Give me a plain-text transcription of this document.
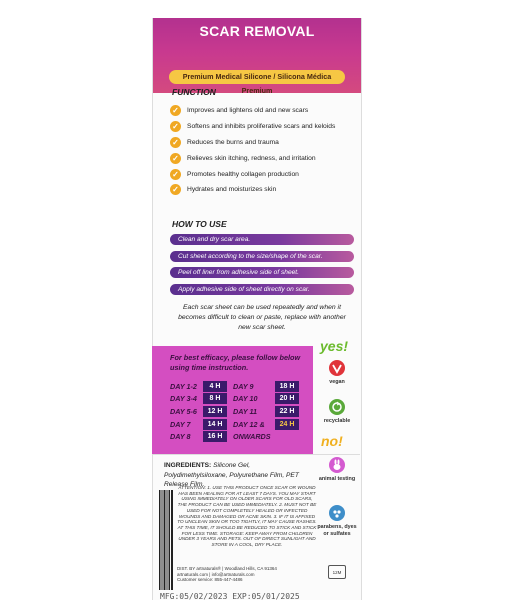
SCAR REMOVAL
Premium Medical Silicone / Silicona Médica Premium
FUNCTION
✓	Improves and lightens old and new scars
✓	Softens and inhibits proliferative scars and keloids
✓	Reduces the burns and trauma
✓	Relieves skin itching, redness, and irritation
✓	Promotes healthy collagen production
✓	Hydrates and moisturizes skin
HOW TO USE
Clean and dry scar area.
Cut sheet according to the size/shape of the scar.
Peel off liner from adhesive side of sheet.
Apply adhesive side of sheet directly on scar.
Each scar sheet can be used repeatedly and when it becomes difficult to clean or paste, replace with another new scar sheet.
For best efficacy, please follow below using time instruction.
DAY 1-2	4 H	DAY 9	18 H
DAY 3-4	8 H	DAY 10	20 H
DAY 5-6	12 H	DAY 11	22 H
DAY 7	14 H	DAY 12 &	24 H
DAY 8	16 H	ONWARDS
yes!
vegan
recyclable
no!
animal testing
parabens, dyes or sulfates
INGREDIENTS: Silicone Gel, Polydimethylsiloxane, Polyurethane Film, PET Release Film.
ATTENTION: 1. USE THIS PRODUCT ONCE SCAR OR WOUND HAS BEEN HEALING FOR AT LEAST 7 DAYS. YOU MAY START USING IMMEDIATELY ON OLDER SCARS FOR OLD SCARS, THE PRODUCT CAN BE USED IMMEDIATELY. 2. MUST NOT BE USED FOR NOT COMPLETELY HEALED OR INFECTED WOUNDS AND DAMAGED OR ACNE SKIN. 3. IF IT IS AFFIXED TO UNCLEAN SKIN OR TOO TIGHTLY, IT MAY CAUSE RASHES. AT THIS TIME, IT SHOULD BE REDUCED TO STICK AND STICK FOR LESS TIME. STORAGE: KEEP AWAY FROM CHILDREN UNDER 3 YEARS AND PETS. OUT OF DIRECT SUNLIGHT AND STORE IN A COOL, DRY PLACE.
DIST. BY artnaturals® | Woodland Hills, CA 91364
artnaturals.com | info@artnaturals.com
Customer service: 855-447-4486
12M
MFG:05/02/2023 EXP:05/01/2025
